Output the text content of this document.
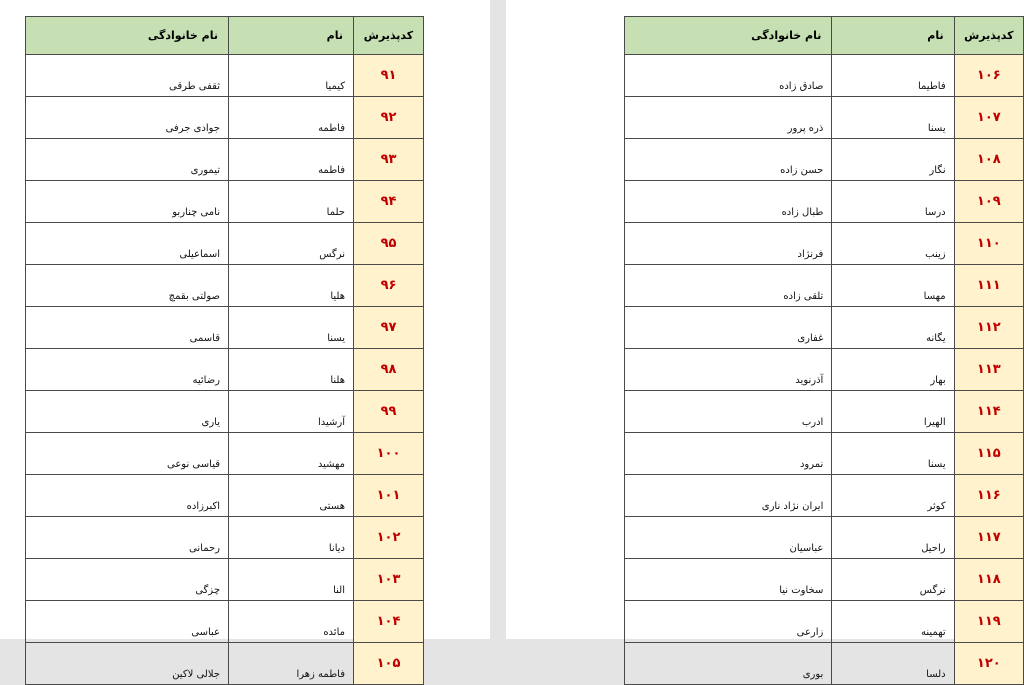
کدپذیرش	نام	نام خانوادگی
۹۱	کیمیا	ثقفی طرقی
۹۲	فاطمه	جوادی جرفی
۹۳	فاطمه	تیموری
۹۴	حلما	نامی چناربو
۹۵	نرگس	اسماعیلی
۹۶	هلیا	صولتی بقمچ
۹۷	یسنا	قاسمی
۹۸	هلنا	رضائیه
۹۹	آرشیدا	یاری
۱۰۰	مهشید	قیاسی نوعی
۱۰۱	هستی	اکبرزاده
۱۰۲	دیانا	رحمانی
۱۰۳	النا	چزگی
۱۰۴	مائده	عباسی
۱۰۵	فاطمه زهرا	جلالی لاکین
کدپذیرش	نام	نام خانوادگی
۱۰۶	فاطیما	صادق زاده
۱۰۷	یسنا	ذره پرور
۱۰۸	نگار	حسن زاده
۱۰۹	درسا	طبال زاده
۱۱۰	زینب	فرنژاد
۱۱۱	مهسا	تلقی زاده
۱۱۲	یگانه	غفاری
۱۱۳	بهار	آذرنوید
۱۱۴	الهیرا	ادرب
۱۱۵	یسنا	نمرود
۱۱۶	کوثر	ایران نژاد ناری
۱۱۷	راحیل	عباسیان
۱۱۸	نرگس	سخاوت نیا
۱۱۹	تهمینه	زارعی
۱۲۰	دلسا	بوری
